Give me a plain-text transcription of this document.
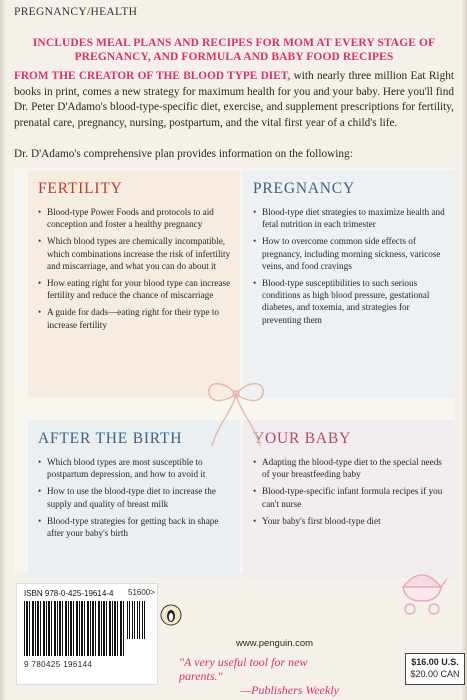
PREGNANCY/HEALTH
INCLUDES MEAL PLANS AND RECIPES FOR MOM AT EVERY STAGE OF PREGNANCY, AND FORMULA AND BABY FOOD RECIPES
FROM THE CREATOR OF THE BLOOD TYPE DIET, with nearly three million Eat Right books in print, comes a new strategy for maximum health for you and your baby. Here you'll find Dr. Peter D'Adamo's blood-type-specific diet, exercise, and supplement prescriptions for fertility, prenatal care, pregnancy, nursing, postpartum, and the vital first year of a child's life.
Dr. D'Adamo's comprehensive plan provides information on the following:
FERTILITY
• Blood-type Power Foods and protocols to aid conception and foster a healthy pregnancy
• Which blood types are chemically incompatible, which combinations increase the risk of infertility and miscarriage, and what you can do about it
• How eating right for your blood type can increase fertility and reduce the chance of miscarriage
• A guide for dads—eating right for their type to increase fertility
PREGNANCY
• Blood-type diet strategies to maximize health and fetal nutrition in each trimester
• How to overcome common side effects of pregnancy, including morning sickness, varicose veins, and food cravings
• Blood-type susceptibilities to such serious conditions as high blood pressure, gestational diabetes, and toxemia, and strategies for preventing them
AFTER THE BIRTH
• Which blood types are most susceptible to postpartum depression, and how to avoid it
• How to use the blood-type diet to increase the supply and quality of breast milk
• Blood-type strategies for getting back in shape after your baby's birth
YOUR BABY
• Adapting the blood-type diet to the special needs of your breastfeeding baby
• Blood-type-specific infant formula recipes if you can't nurse
• Your baby's first blood-type diet
ISBN 978-0-425-19614-4 51600>
9 780425 196144
www.penguin.com
"A very useful tool for new parents."
—Publishers Weekly
$16.00 U.S.
$20.00 CAN
